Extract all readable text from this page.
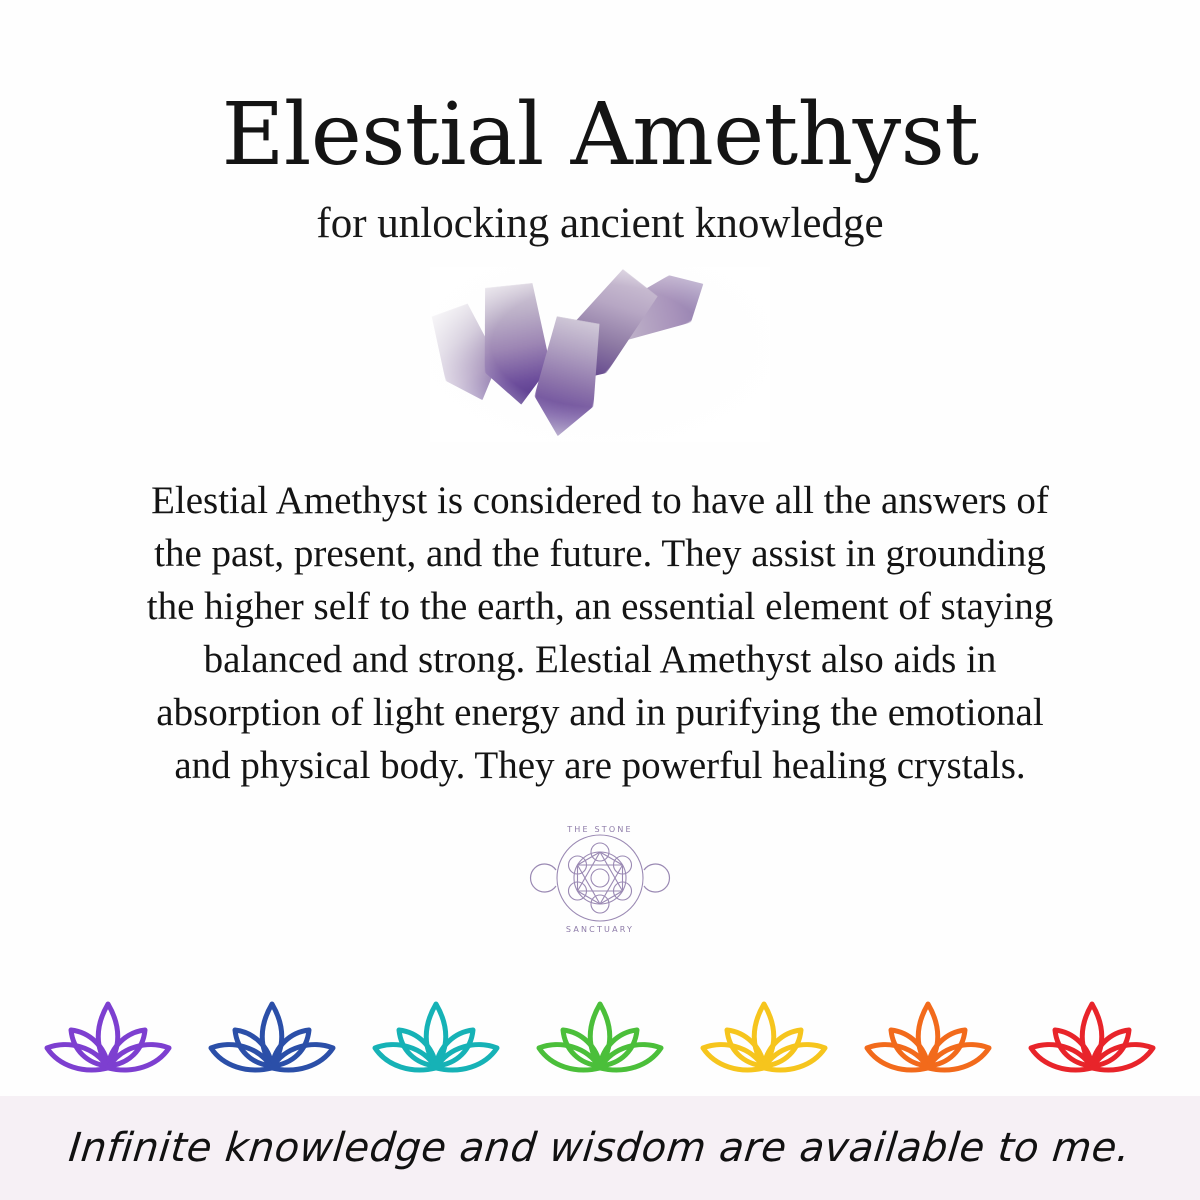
Elestial Amethyst
for unlocking ancient knowledge
Elestial Amethyst is considered to have all the answers of the past, present, and the future. They assist in grounding the higher self to the earth, an essential element of staying balanced and strong. Elestial Amethyst also aids in absorption of light energy and in purifying the emotional and physical body. They are powerful healing crystals.
THE STONE
SANCTUARY
Infinite knowledge and wisdom are available to me.
